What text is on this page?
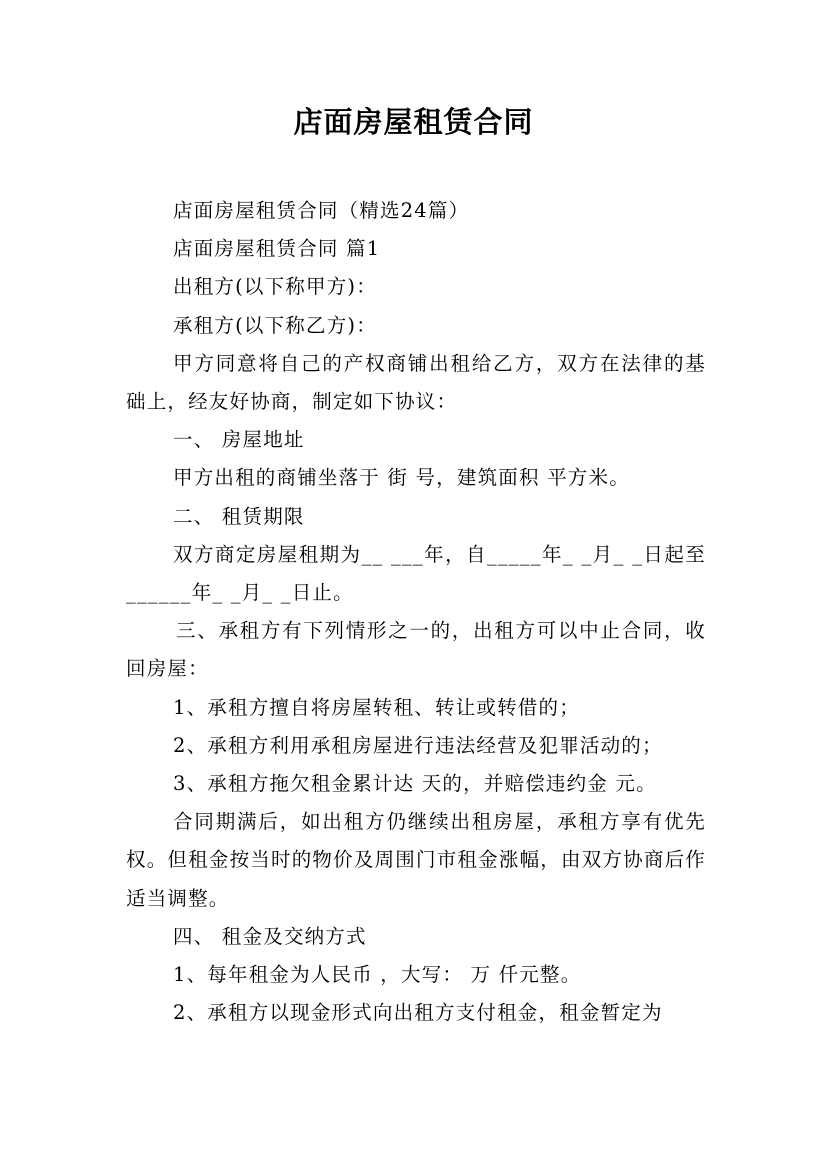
店面房屋租赁合同

店面房屋租赁合同（精选24篇）

店面房屋租赁合同 篇1

出租方(以下称甲方)：

承租方(以下称乙方)：

甲方同意将自己的产权商铺出租给乙方，双方在法律的基础上，经友好协商，制定如下协议：

一、 房屋地址

甲方出租的商铺坐落于 街 号，建筑面积 平方米。

二、 租赁期限

双方商定房屋租期为__ ___年，自_____年_ _月_ _日起至______年_ _月_ _日止。

三、承租方有下列情形之一的，出租方可以中止合同，收回房屋：

1、承租方擅自将房屋转租、转让或转借的；

2、承租方利用承租房屋进行违法经营及犯罪活动的；

3、承租方拖欠租金累计达 天的，并赔偿违约金 元。

合同期满后，如出租方仍继续出租房屋，承租方享有优先权。但租金按当时的物价及周围门市租金涨幅，由双方协商后作适当调整。

四、 租金及交纳方式

1、每年租金为人民币 ，大写： 万 仟元整。

2、承租方以现金形式向出租方支付租金，租金暂定为
